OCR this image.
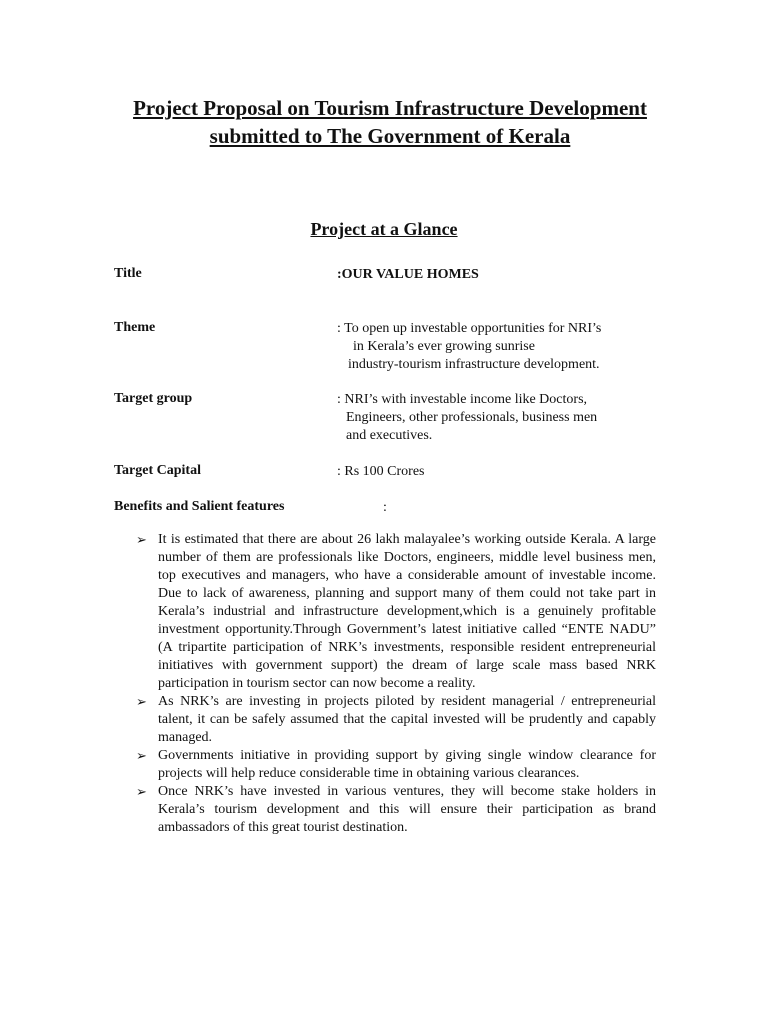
Project Proposal on Tourism Infrastructure Development
submitted to The Government of Kerala
Project at a Glance
Title	:OUR VALUE HOMES
Theme	: To open up investable opportunities for NRI’s
in Kerala’s ever growing sunrise
industry-tourism infrastructure development.
Target group	: NRI’s with investable income like Doctors,
Engineers, other professionals, business men
and executives.
Target Capital	: Rs 100 Crores
Benefits and Salient features	:
➢ It is estimated that there are about 26 lakh malayalee’s working outside Kerala. A large number of them are professionals like Doctors, engineers, middle level business men, top executives and managers, who have a considerable amount of investable income. Due to lack of awareness, planning and support many of them could not take part in Kerala’s industrial and infrastructure development,which is a genuinely profitable investment opportunity.Through Government’s latest initiative called “ENTE NADU” (A tripartite participation of NRK’s investments, responsible resident entrepreneurial initiatives with government support) the dream of large scale mass based NRK participation in tourism sector can now become a reality.
➢ As NRK’s are investing in projects piloted by resident managerial / entrepreneurial talent, it can be safely assumed that the capital invested will be prudently and capably managed.
➢ Governments initiative in providing support by giving single window clearance for projects will help reduce considerable time in obtaining various clearances.
➢ Once NRK’s have invested in various ventures, they will become stake holders in Kerala’s tourism development and this will ensure their participation as brand ambassadors of this great tourist destination.
